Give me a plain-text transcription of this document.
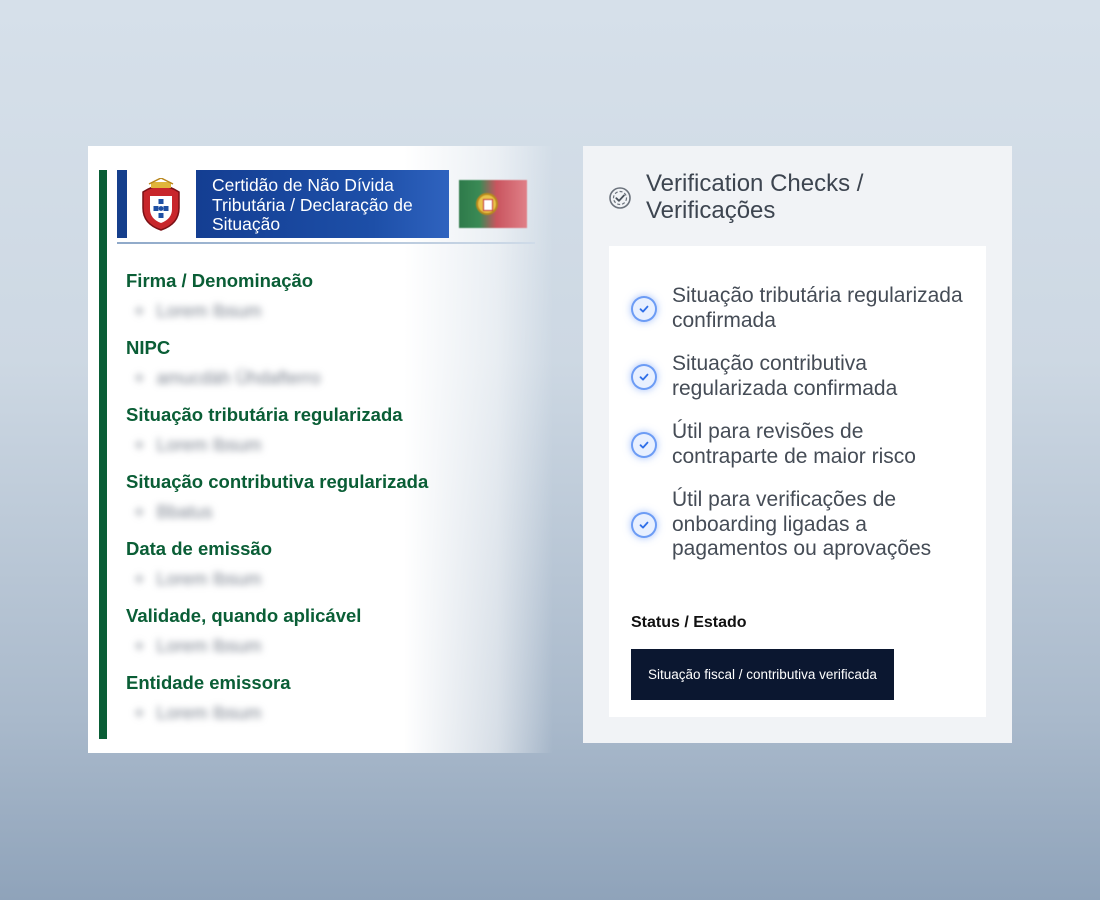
Certidão de Não Dívida Tributária / Declaração de Situação
Firma / Denominação
+ Lorem Ibsum
NIPC
+ amucdàh Ühdafterro
Situação tributária regularizada
+ Lorem Ibsum
Situação contributiva regularizada
+ Bbatus
Data de emissão
+ Lorem Ibsum
Validade, quando aplicável
+ Lorem Ibsum
Entidade emissora
+ Lorem Ibsum
Verification Checks / Verificações
Situação tributária regularizada confirmada
Situação contributiva regularizada confirmada
Útil para revisões de contraparte de maior risco
Útil para verificações de onboarding ligadas a pagamentos ou aprovações
Status / Estado
Situação fiscal / contributiva verificada
